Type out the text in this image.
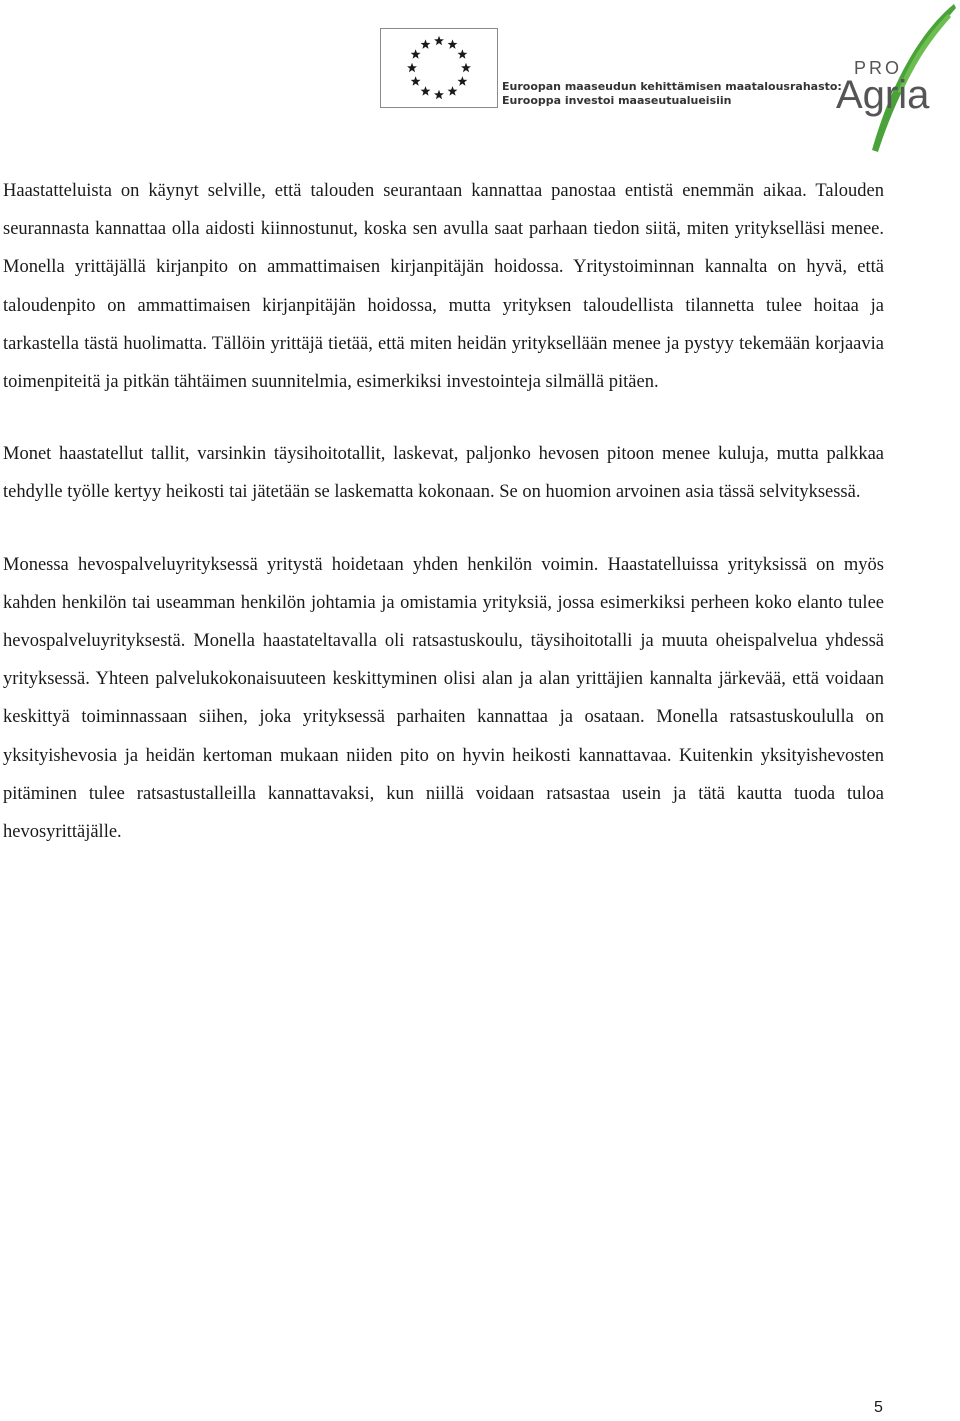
Euroopan maaseudun kehittämisen maatalousrahasto:
Eurooppa investoi maaseutualueisiin
PRO
Agria

Haastatteluista on käynyt selville, että talouden seurantaan kannattaa panostaa entistä enemmän aikaa. Talouden seurannasta kannattaa olla aidosti kiinnostunut, koska sen avulla saat parhaan tiedon siitä, miten yritykselläsi menee. Monella yrittäjällä kirjanpito on ammattimaisen kirjanpitäjän hoidossa. Yritystoiminnan kannalta on hyvä, että taloudenpito on ammattimaisen kirjanpitäjän hoidossa, mutta yrityksen taloudellista tilannetta tulee hoitaa ja tarkastella tästä huolimatta. Tällöin yrittäjä tietää, että miten heidän yrityksellään menee ja pystyy tekemään korjaavia toimenpiteitä ja pitkän tähtäimen suunnitelmia, esimerkiksi investointeja silmällä pitäen.

Monet haastatellut tallit, varsinkin täysihoitotallit, laskevat, paljonko hevosen pitoon menee kuluja, mutta palkkaa tehdylle työlle kertyy heikosti tai jätetään se laskematta kokonaan. Se on huomion arvoinen asia tässä selvityksessä.

Monessa hevospalveluyrityksessä yritystä hoidetaan yhden henkilön voimin. Haastatelluissa yrityksissä on myös kahden henkilön tai useamman henkilön johtamia ja omistamia yrityksiä, jossa esimerkiksi perheen koko elanto tulee hevospalveluyrityksestä. Monella haastateltavalla oli ratsastuskoulu, täysihoitotalli ja muuta oheispalvelua yhdessä yrityksessä. Yhteen palvelukokonaisuuteen keskittyminen olisi alan ja alan yrittäjien kannalta järkevää, että voidaan keskittyä toiminnassaan siihen, joka yrityksessä parhaiten kannattaa ja osataan. Monella ratsastuskoululla on yksityishevosia ja heidän kertoman mukaan niiden pito on hyvin heikosti kannattavaa. Kuitenkin yksityishevosten pitäminen tulee ratsastustalleilla kannattavaksi, kun niillä voidaan ratsastaa usein ja tätä kautta tuoda tuloa hevosyrittäjälle.

5
